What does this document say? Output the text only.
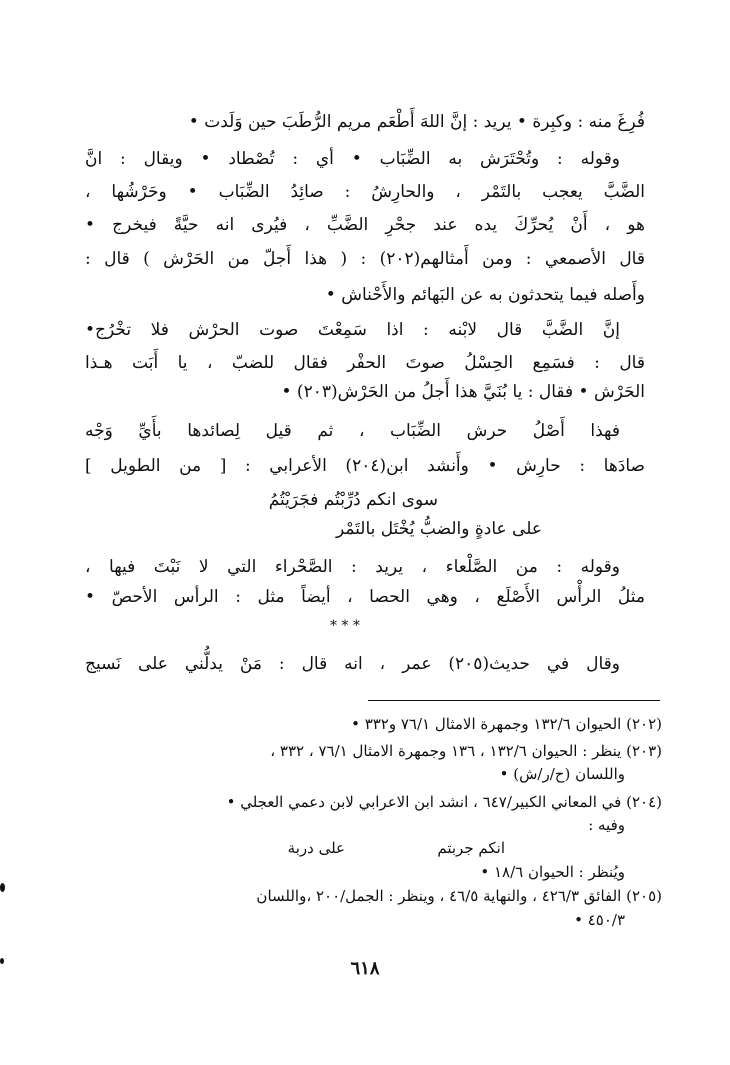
فُرِغَ منه : وكبِرة • يريد : إنَّ اللهَ أَطْعَم مريم الرُّطَبَ حين وَلَدت •
وقوله : وتُحْتَرَش به الضِّبَاب • أي : تُصْطاد • ويقال : انَّ
الضَّبَّ يعجب بالتَمْر ، والحارِشُ : صائِدُ الضِّبَاب • وحَرْشُها ،
هو ، أَنْ يُحرِّكَ يده عند جحْرِ الضَّبِّ ، فيُرى انه حيَّةً فيخرج •
قال الأصمعي : ومن أَمثالهم(٢٠٢) : ( هذا أَجلّ من الحَرْش ) قال :
وأَصله فيما يتحدثون به عن البَهائم والأَحْناش •
إنَّ الضَّبَّ قال لابْنه : اذا سَمِعْتَ صوت الحرْش فلا تخْرُج•
قال : فسَمِع الحِسْلُ صوتَ الحفْر فقال للضبّ ، يا أَبَت هـذا
الحَرْش • فقال : يا بُنَيَّ هذا أَجلُ من الحَرْش(٢٠٣) •
فهذا أَصْلُ حرش الضِّبَاب ، ثم قيل لِصائدها بأَيِّ وَجْه
صادَها : حارِش • وأَنشد ابن(٢٠٤) الأعرابي : [ من الطويل ]
سوى انكم دُرِّبْتُم فجَرَيْتُمُ
على عادةٍ والضبُّ يُخْتَل بالتَمْر
وقوله : من الصَّلْعاء ، يريد : الصَّحْراء التي لا نَبْتَ فيها ،
مثلُ الرأْس الأَصْلَع ، وهي الحصا ، أيضاً مثل : الرأس الأحصّ •
* * *
وقال في حديث(٢٠٥) عمر ، انه قال : مَنْ يدلُّني على نَسيج
(٢٠٢) الحيوان ١٣٢/٦ وجمهرة الامثال ٧٦/١ و٣٣٢ •
(٢٠٣) ينظر : الحيوان ١٣٢/٦ ، ١٣٦ وجمهرة الامثال ٧٦/١ ، ٣٣٢ ،
واللسان (ح/ر/ش) •
(٢٠٤) في المعاني الكبير/٦٤٧ ، انشد ابن الاعرابي لابن دعمي العجلي •
وفيه :
انكم جربتم
على دربة
ويُنظر : الحيوان ١٨/٦ •
(٢٠٥) الفائق ٤٢٦/٣ ، والنهاية ٤٦/٥ ، وينظر : الجمل/٢٠٠ ،واللسان
٤٥٠/٣ •
٦١٨
